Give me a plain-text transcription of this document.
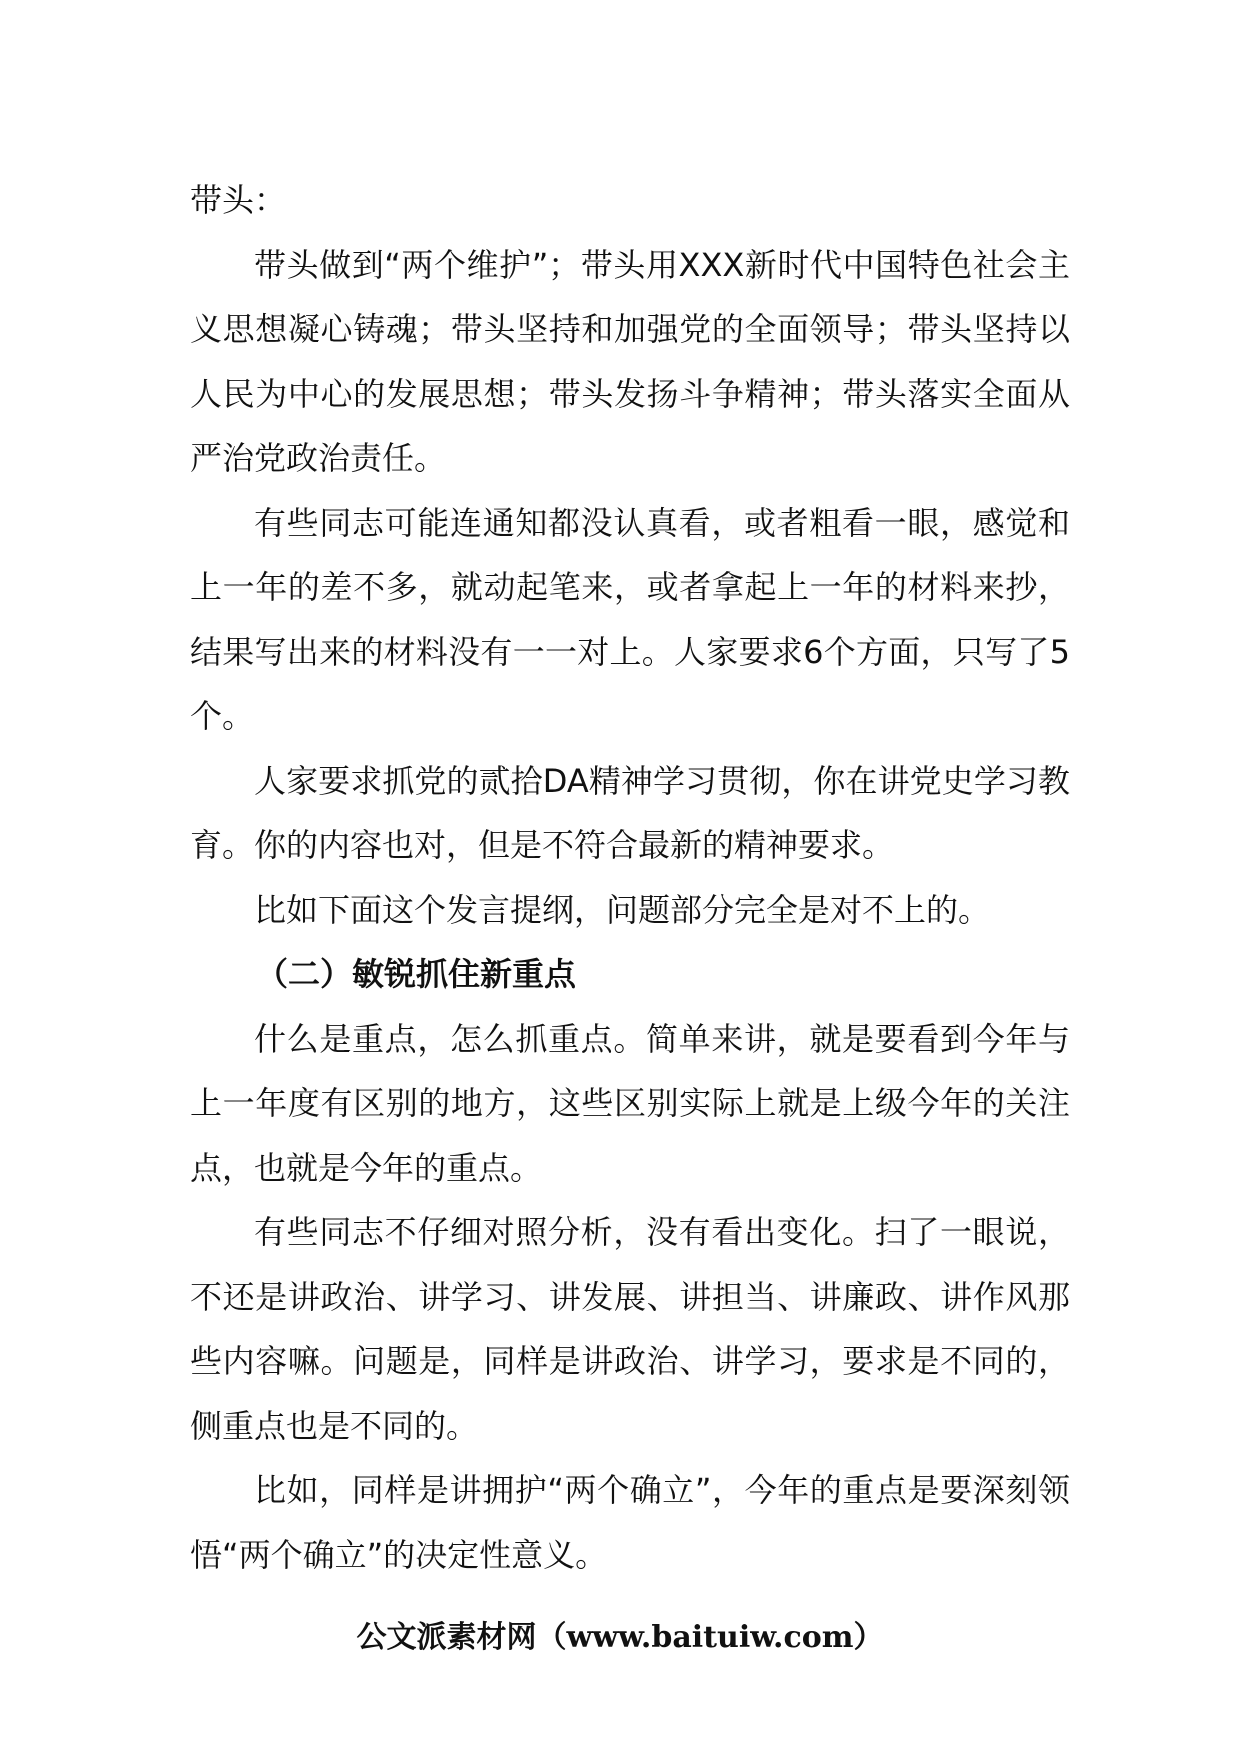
带头：

带头做到“两个维护”；带头用XXX新时代中国特色社会主义思想凝心铸魂；带头坚持和加强党的全面领导；带头坚持以人民为中心的发展思想；带头发扬斗争精神；带头落实全面从严治党政治责任。

有些同志可能连通知都没认真看，或者粗看一眼，感觉和上一年的差不多，就动起笔来，或者拿起上一年的材料来抄，结果写出来的材料没有一一对上。人家要求6个方面，只写了5个。

人家要求抓党的贰拾DA精神学习贯彻，你在讲党史学习教育。你的内容也对，但是不符合最新的精神要求。

比如下面这个发言提纲，问题部分完全是对不上的。

（二）敏锐抓住新重点

什么是重点，怎么抓重点。简单来讲，就是要看到今年与上一年度有区别的地方，这些区别实际上就是上级今年的关注点，也就是今年的重点。

有些同志不仔细对照分析，没有看出变化。扫了一眼说，不还是讲政治、讲学习、讲发展、讲担当、讲廉政、讲作风那些内容嘛。问题是，同样是讲政治、讲学习，要求是不同的，侧重点也是不同的。

比如，同样是讲拥护“两个确立”，今年的重点是要深刻领悟“两个确立”的决定性意义。

公文派素材网（www.baituiw.com）
